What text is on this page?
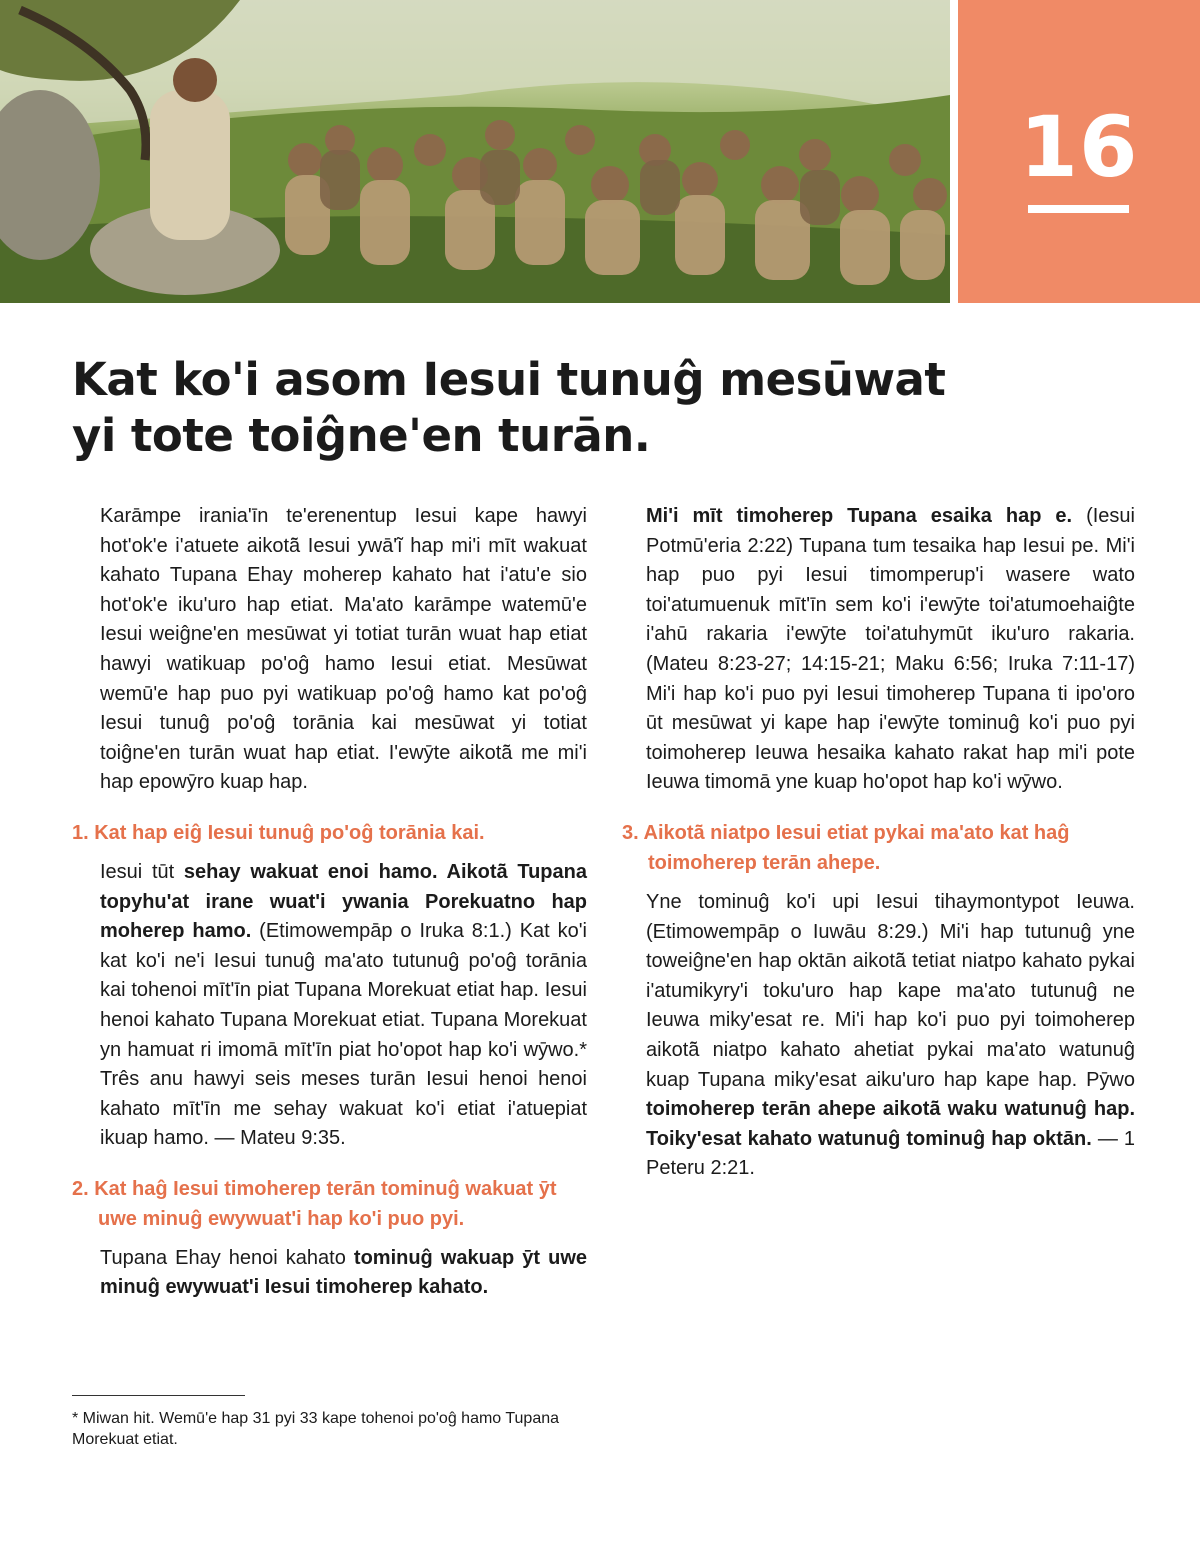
16
Kat ko'i asom Iesui tunuĝ mesūwat
yi tote toiĝne'en turān.

Karāmpe irania'īn te'erenentup Iesui kape hawyi hot'ok'e i'atuete aikotā̃ Iesui ywā'ĩ hap mi'i mīt wakuat kahato Tupana Ehay moherep kahato hat i'atu'e sio hot'ok'e iku'uro hap etiat. Ma'ato karāmpe watemū'e Iesui weiĝne'en mesūwat yi totiat turān wuat hap etiat hawyi watikuap po'oĝ hamo Iesui etiat. Mesūwat wemū'e hap puo pyi watikuap po'oĝ hamo kat po'oĝ Iesui tunuĝ po'oĝ torānia kai mesūwat yi totiat toiĝne'en turān wuat hap etiat. I'ewȳte aikotā̃ me mi'i hap epowȳro kuap hap.

1. Kat hap eiĝ Iesui tunuĝ po'oĝ torānia kai.

Iesui tūt sehay wakuat enoi hamo. Aikotā̃ Tupana topyhu'at irane wuat'i ywania Porekuatno hap moherep hamo. (Etimowempāp o Iruka 8:1.) Kat ko'i kat ko'i ne'i Iesui tunuĝ ma'ato tutunuĝ po'oĝ torānia kai tohenoi mīt'īn piat Tupana Morekuat etiat hap. Iesui henoi kahato Tupana Morekuat etiat. Tupana Morekuat yn hamuat ri imomā mīt'īn piat ho'opot hap ko'i wȳwo.* Três anu hawyi seis meses turān Iesui henoi henoi kahato mīt'īn me sehay wakuat ko'i etiat i'atuepiat ikuap hamo. — Mateu 9:35.

2. Kat haĝ Iesui timoherep terān tominuĝ wakuat ȳt uwe minuĝ ewywuat'i hap ko'i puo pyi.

Tupana Ehay henoi kahato tominuĝ wakuap ȳt uwe minuĝ ewywuat'i Iesui timoherep kahato.

* Miwan hit. Wemū'e hap 31 pyi 33 kape tohenoi po'oĝ hamo Tupana Morekuat etiat.

Mi'i mīt timoherep Tupana esaika hap e. (Iesui Potmū'eria 2:22) Tupana tum tesaika hap Iesui pe. Mi'i hap puo pyi Iesui timomperup'i wasere wato toi'atumuenuk mīt'īn sem ko'i i'ewȳte toi'atumoehaiĝte i'ahū rakaria i'ewȳte toi'atuhymūt iku'uro rakaria. (Mateu 8:23-27; 14:15-21; Maku 6:56; Iruka 7:11-17) Mi'i hap ko'i puo pyi Iesui timoherep Tupana ti ipo'oro ūt mesūwat yi kape hap i'ewȳte tominuĝ ko'i puo pyi toimoherep Ieuwa hesaika kahato rakat hap mi'i pote Ieuwa timomā yne kuap ho'opot hap ko'i wȳwo.

3. Aikotā̃ niatpo Iesui etiat pykai ma'ato kat haĝ toimoherep terān ahepe.

Yne tominuĝ ko'i upi Iesui tihaymontypot Ieuwa. (Etimowempāp o Iuwāu 8:29.) Mi'i hap tutunuĝ yne toweiĝne'en hap oktān aikotā̃ tetiat niatpo kahato pykai i'atumikyry'i toku'uro hap kape ma'ato tutunuĝ ne Ieuwa miky'esat re. Mi'i hap ko'i puo pyi toimoherep aikotā̃ niatpo kahato ahetiat pykai ma'ato watunuĝ kuap Tupana miky'esat aiku'uro hap kape hap. Pȳwo toimoherep terān ahepe aikotā̃ waku watunuĝ hap. Toiky'esat kahato watunuĝ tominuĝ hap oktān. — 1 Peteru 2:21.
